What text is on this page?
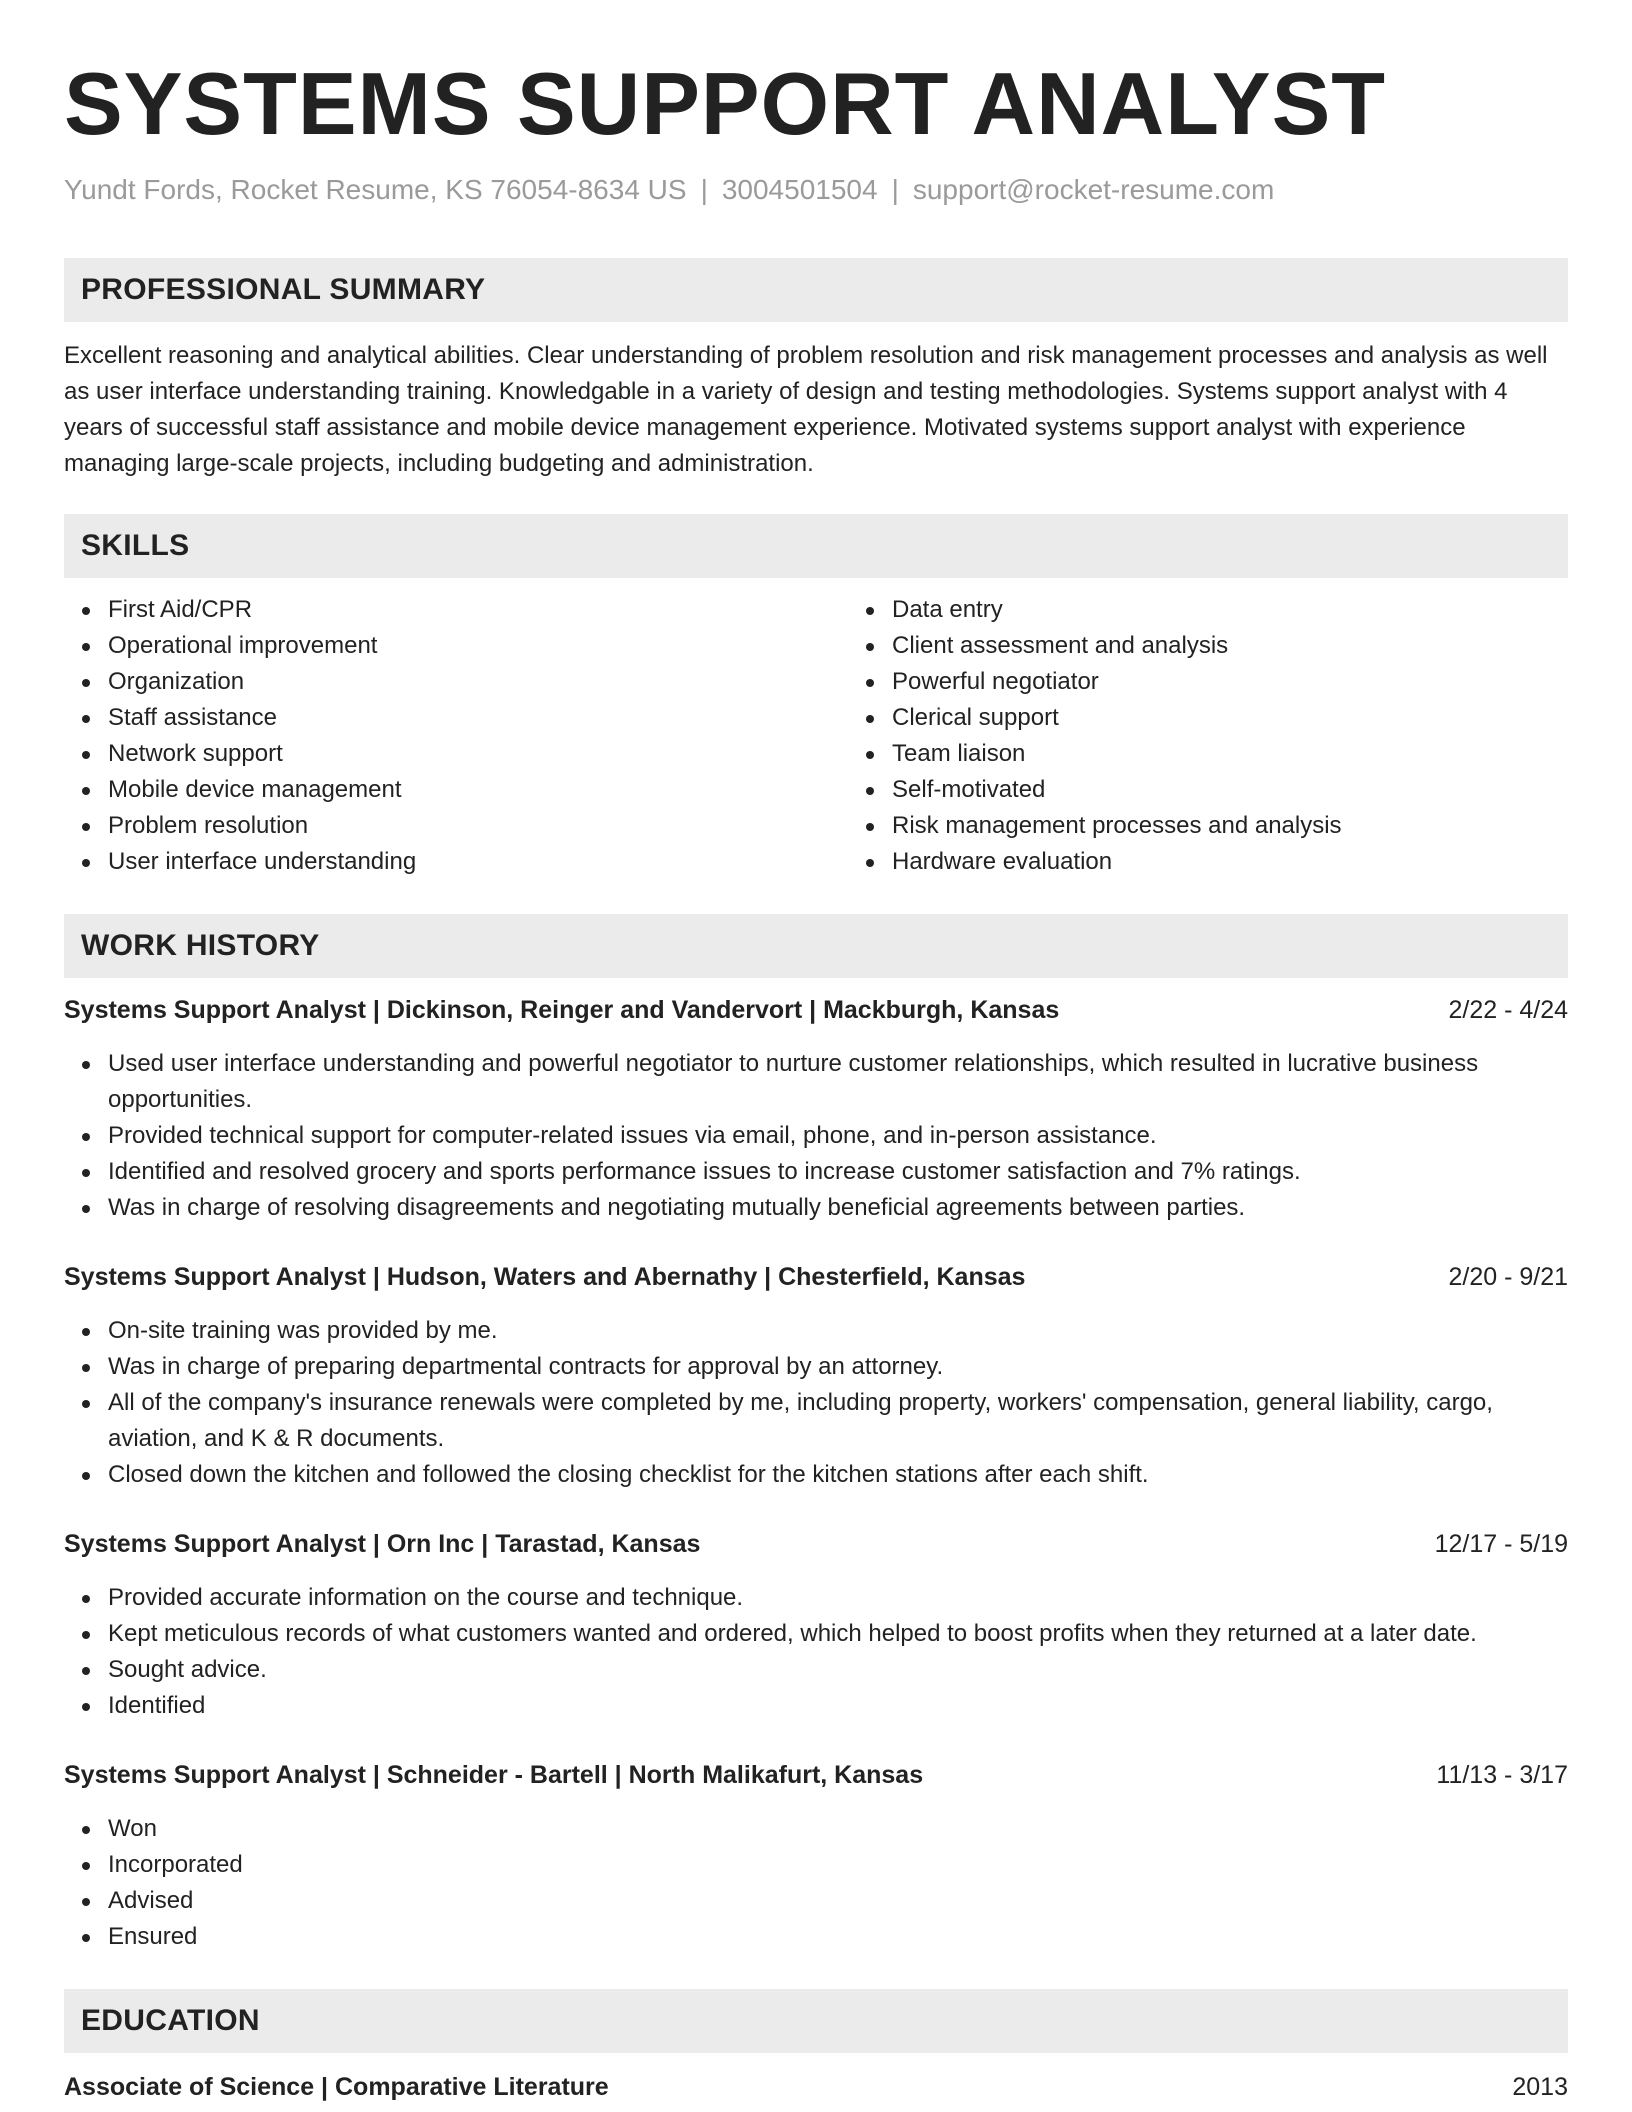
SYSTEMS SUPPORT ANALYST
Yundt Fords, Rocket Resume, KS 76054-8634 US | 3004501504 | support@rocket-resume.com
PROFESSIONAL SUMMARY

Excellent reasoning and analytical abilities. Clear understanding of problem resolution and risk management processes and analysis as well as user interface understanding training. Knowledgable in a variety of design and testing methodologies. Systems support analyst with 4 years of successful staff assistance and mobile device management experience. Motivated systems support analyst with experience managing large-scale projects, including budgeting and administration.

SKILLS
First Aid/CPR
Operational improvement
Organization
Staff assistance
Network support
Mobile device management
Problem resolution
User interface understanding
Data entry
Client assessment and analysis
Powerful negotiator
Clerical support
Team liaison
Self-motivated
Risk management processes and analysis
Hardware evaluation
WORK HISTORY
Systems Support Analyst | Dickinson, Reinger and Vandervort | Mackburgh, Kansas	2/22 - 4/24
Used user interface understanding and powerful negotiator to nurture customer relationships, which resulted in lucrative business opportunities.
Provided technical support for computer-related issues via email, phone, and in-person assistance.
Identified and resolved grocery and sports performance issues to increase customer satisfaction and 7% ratings.
Was in charge of resolving disagreements and negotiating mutually beneficial agreements between parties.
Systems Support Analyst | Hudson, Waters and Abernathy | Chesterfield, Kansas	2/20 - 9/21
On-site training was provided by me.
Was in charge of preparing departmental contracts for approval by an attorney.
All of the company's insurance renewals were completed by me, including property, workers' compensation, general liability, cargo, aviation, and K & R documents.
Closed down the kitchen and followed the closing checklist for the kitchen stations after each shift.
Systems Support Analyst | Orn Inc | Tarastad, Kansas	12/17 - 5/19
Provided accurate information on the course and technique.
Kept meticulous records of what customers wanted and ordered, which helped to boost profits when they returned at a later date.
Sought advice.
Identified
Systems Support Analyst | Schneider - Bartell | North Malikafurt, Kansas	11/13 - 3/17
Won
Incorporated
Advised
Ensured
EDUCATION
Associate of Science | Comparative Literature	2013
